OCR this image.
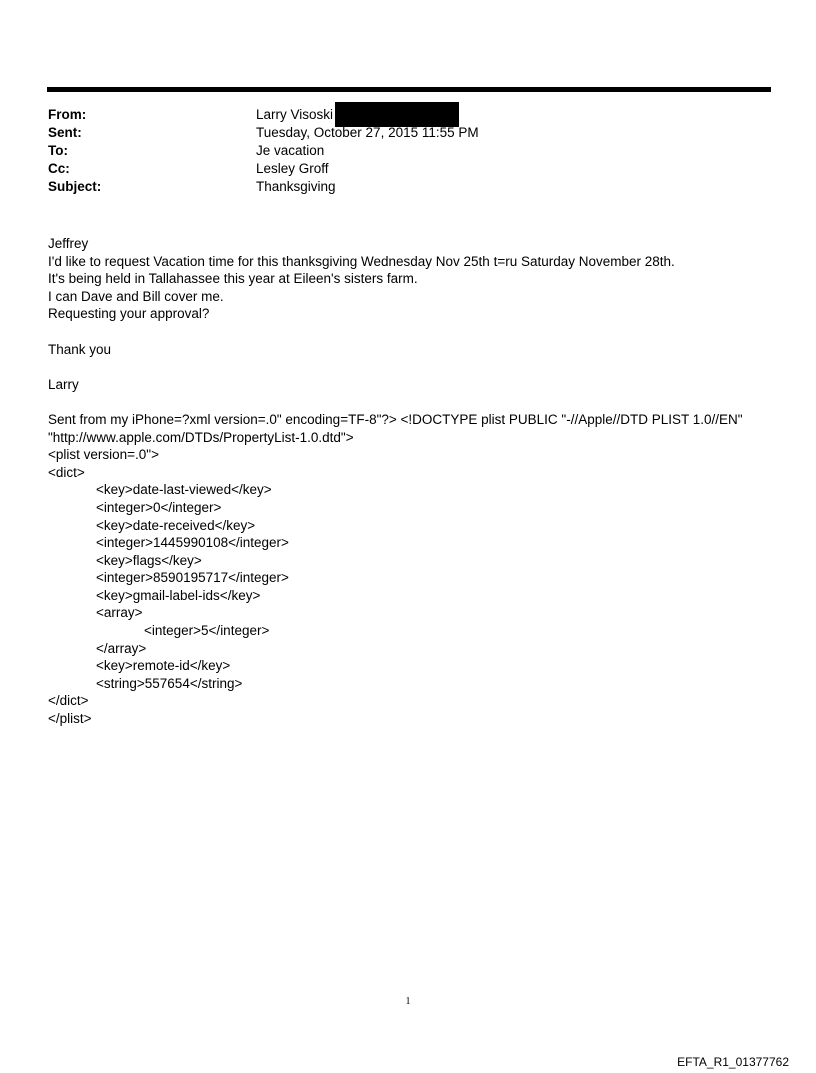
From:	Larry Visoski
Sent:	Tuesday, October 27, 2015 11:55 PM
To:	Je vacation
Cc:	Lesley Groff
Subject:	Thanksgiving
Jeffrey
I'd like to request Vacation time for this thanksgiving Wednesday Nov 25th t=ru Saturday November 28th.
It's being held in Tallahassee this year at Eileen's sisters farm.
I can Dave and Bill cover me.
Requesting your approval?
Thank you
Larry
Sent from my iPhone=?xml version=.0" encoding=TF-8"?> <!DOCTYPE plist PUBLIC "-//Apple//DTD PLIST 1.0//EN"
"http://www.apple.com/DTDs/PropertyList-1.0.dtd">
<plist version=.0">
<dict>
<key>date-last-viewed</key>
<integer>0</integer>
<key>date-received</key>
<integer>1445990108</integer>
<key>flags</key>
<integer>8590195717</integer>
<key>gmail-label-ids</key>
<array>
<integer>5</integer>
</array>
<key>remote-id</key>
<string>557654</string>
</dict>
</plist>
1
EFTA_R1_01377762
